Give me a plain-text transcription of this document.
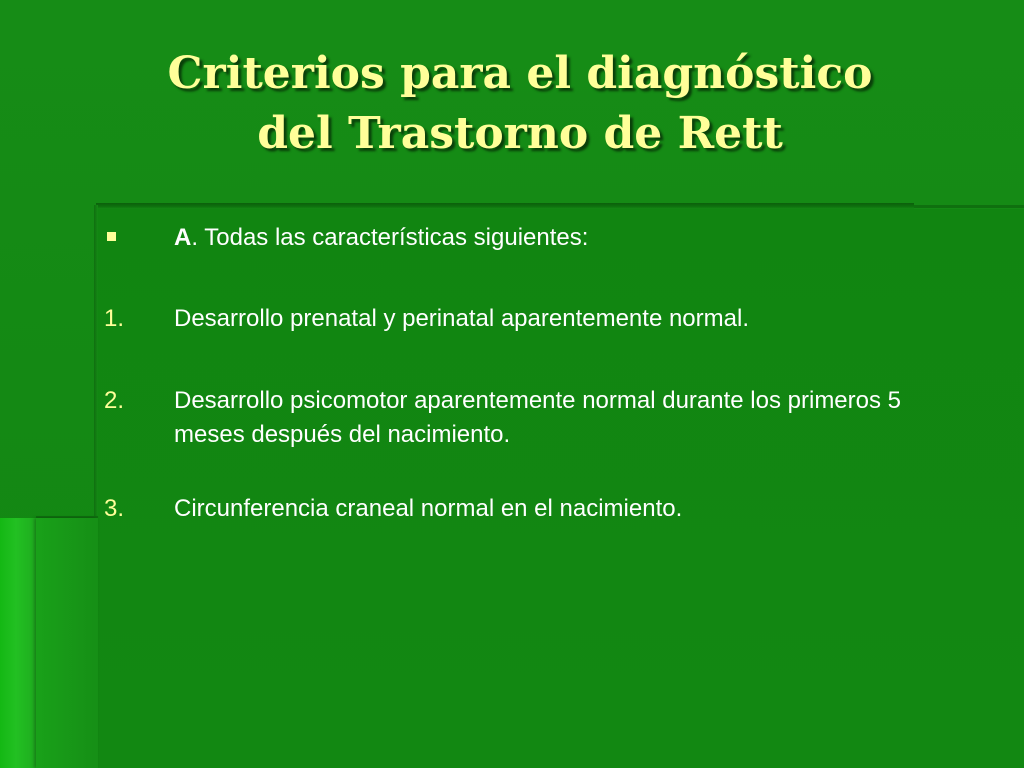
Criterios para el diagnóstico
del Trastorno de Rett
A. Todas las características siguientes:
1.	Desarrollo prenatal y perinatal aparentemente normal.
2.	Desarrollo psicomotor aparentemente normal durante los primeros 5 meses después del nacimiento.
3.	Circunferencia craneal normal en el nacimiento.
